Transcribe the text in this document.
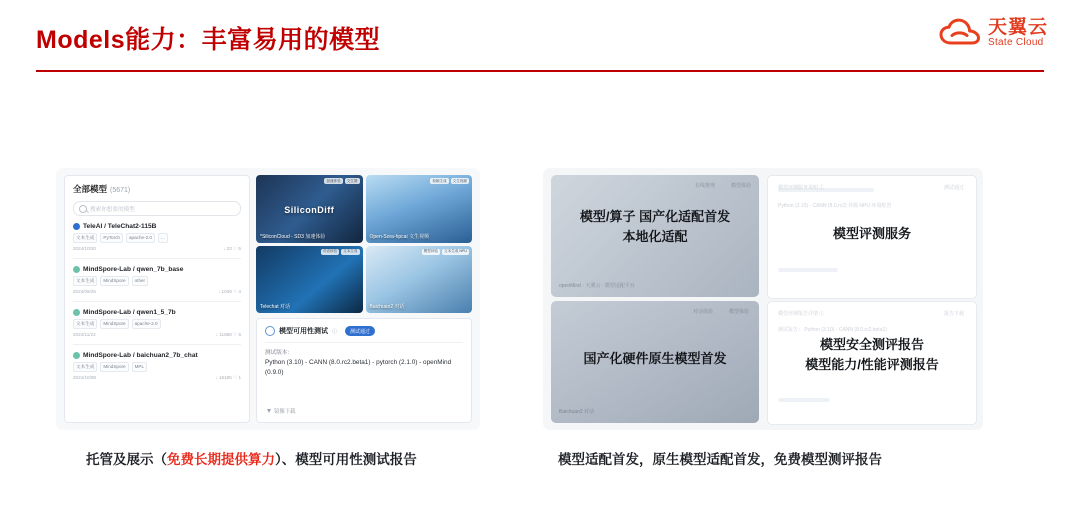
Models能力：丰富易用的模型	天翼云
State Cloud
全部模型 (5671)
搜索你想要的模型
TeleAI / TeleChat2-115B
文本生成	PyTorch	apache-2.0	...
2024/10/20	↓ 23 ♡ 5
MindSpore-Lab / qwen_7b_base
文本生成	MindSpore	other
2024/09/25	↓ 1039 ♡ 4
MindSpore-Lab / qwen1_5_7b
文本生成	MindSpore	apache-2.0
2024/11/22	↓ 11886 ♡ 6
MindSpore-Lab / baichuan2_7b_chat
文本生成	MindSpore	MPL
2024/10/08	↓ 16185 ♡ 1
加速体验	文生图
SiliconDiff
*SiliconCloud - SD3 加速体验
视频生成	文生视频
Open-Sora-hpcai 文生视频
对话体验	文本生成
Telechat 对话
模型体验	文本生成 NPU
Baichuan2 对话
模型可用性测试 ⓘ	测试通过
测试版本：
Python (3.10) - CANN (8.0.rc2.beta1) - pytorch (2.1.0) - openMind (0.9.0)
镜像下载
模型体验
在线推理
openMind · 天翼云 · 模型适配平台
模型/算子 国产化适配首发
本地化适配
模型评测服务说明 ①	测试通过
Python (3.10) - CANN (8.0.rc2) 昇腾 NPU 环境配置
模型评测服务
模型体验
对话体验
Baichuan2 对话
国产化硬件原生模型首发
模型评测报告详情 ①	报告下载
测试报告： Python (3.10) - CANN (8.0.rc2.beta1)
模型安全测评报告
模型能力/性能评测报告
托管及展示（免费长期提供算力）、模型可用性测试报告	模型适配首发，原生模型适配首发，免费模型测评报告
